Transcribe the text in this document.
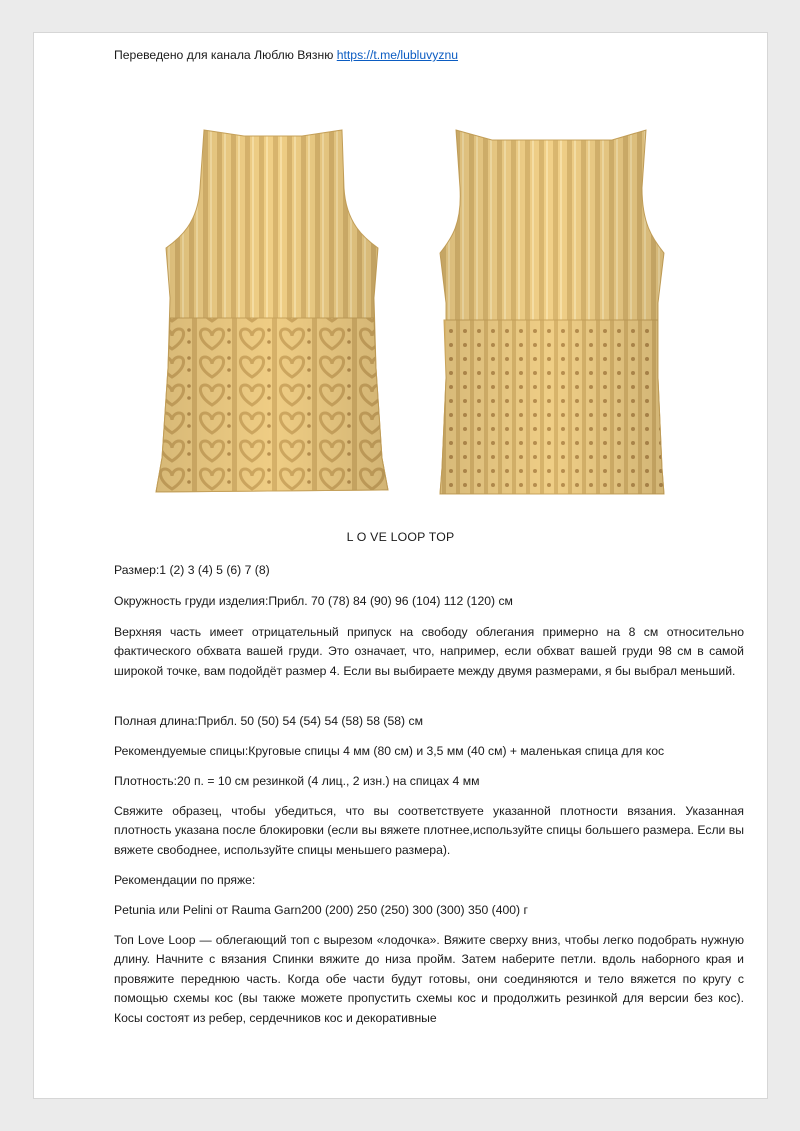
Переведено для канала Люблю Вязню https://t.me/lubluvyznu
L O VE LOOP TOP
Размер:1 (2) 3 (4) 5 (6) 7 (8)
Окружность груди изделия:Прибл. 70 (78) 84 (90) 96 (104) 112 (120) см
Верхняя часть имеет отрицательный припуск на свободу облегания примерно на 8 см относительно фактического обхвата вашей груди. Это означает, что, например, если обхват вашей груди 98 см в самой широкой точке, вам подойдёт размер 4. Если вы выбираете между двумя размерами, я бы выбрал меньший.
Полная длина:Прибл. 50 (50) 54 (54) 54 (58) 58 (58) см
Рекомендуемые спицы:Круговые спицы 4 мм (80 см) и 3,5 мм (40 см) + маленькая спица для кос
Плотность:20 п. = 10 см резинкой (4 лиц., 2 изн.) на спицах 4 мм
Свяжите образец, чтобы убедиться, что вы соответствуете указанной плотности вязания. Указанная плотность указана после блокировки (если вы вяжете плотнее,используйте спицы большего размера. Если вы вяжете свободнее, используйте спицы меньшего размера).
Рекомендации по пряже:
Petunia или Pelini от Rauma Garn200 (200) 250 (250) 300 (300) 350 (400) г
Топ Love Loop — облегающий топ с вырезом «лодочка». Вяжите сверху вниз, чтобы легко подобрать нужную длину. Начните с вязания Спинки вяжите до низа пройм. Затем наберите петли. вдоль наборного края и провяжите переднюю часть. Когда обе части будут готовы, они соединяются и тело вяжется по кругу с помощью схемы кос (вы также можете пропустить схемы кос и продолжить резинкой для версии без кос). Косы состоят из ребер, сердечников кос и декоративные
